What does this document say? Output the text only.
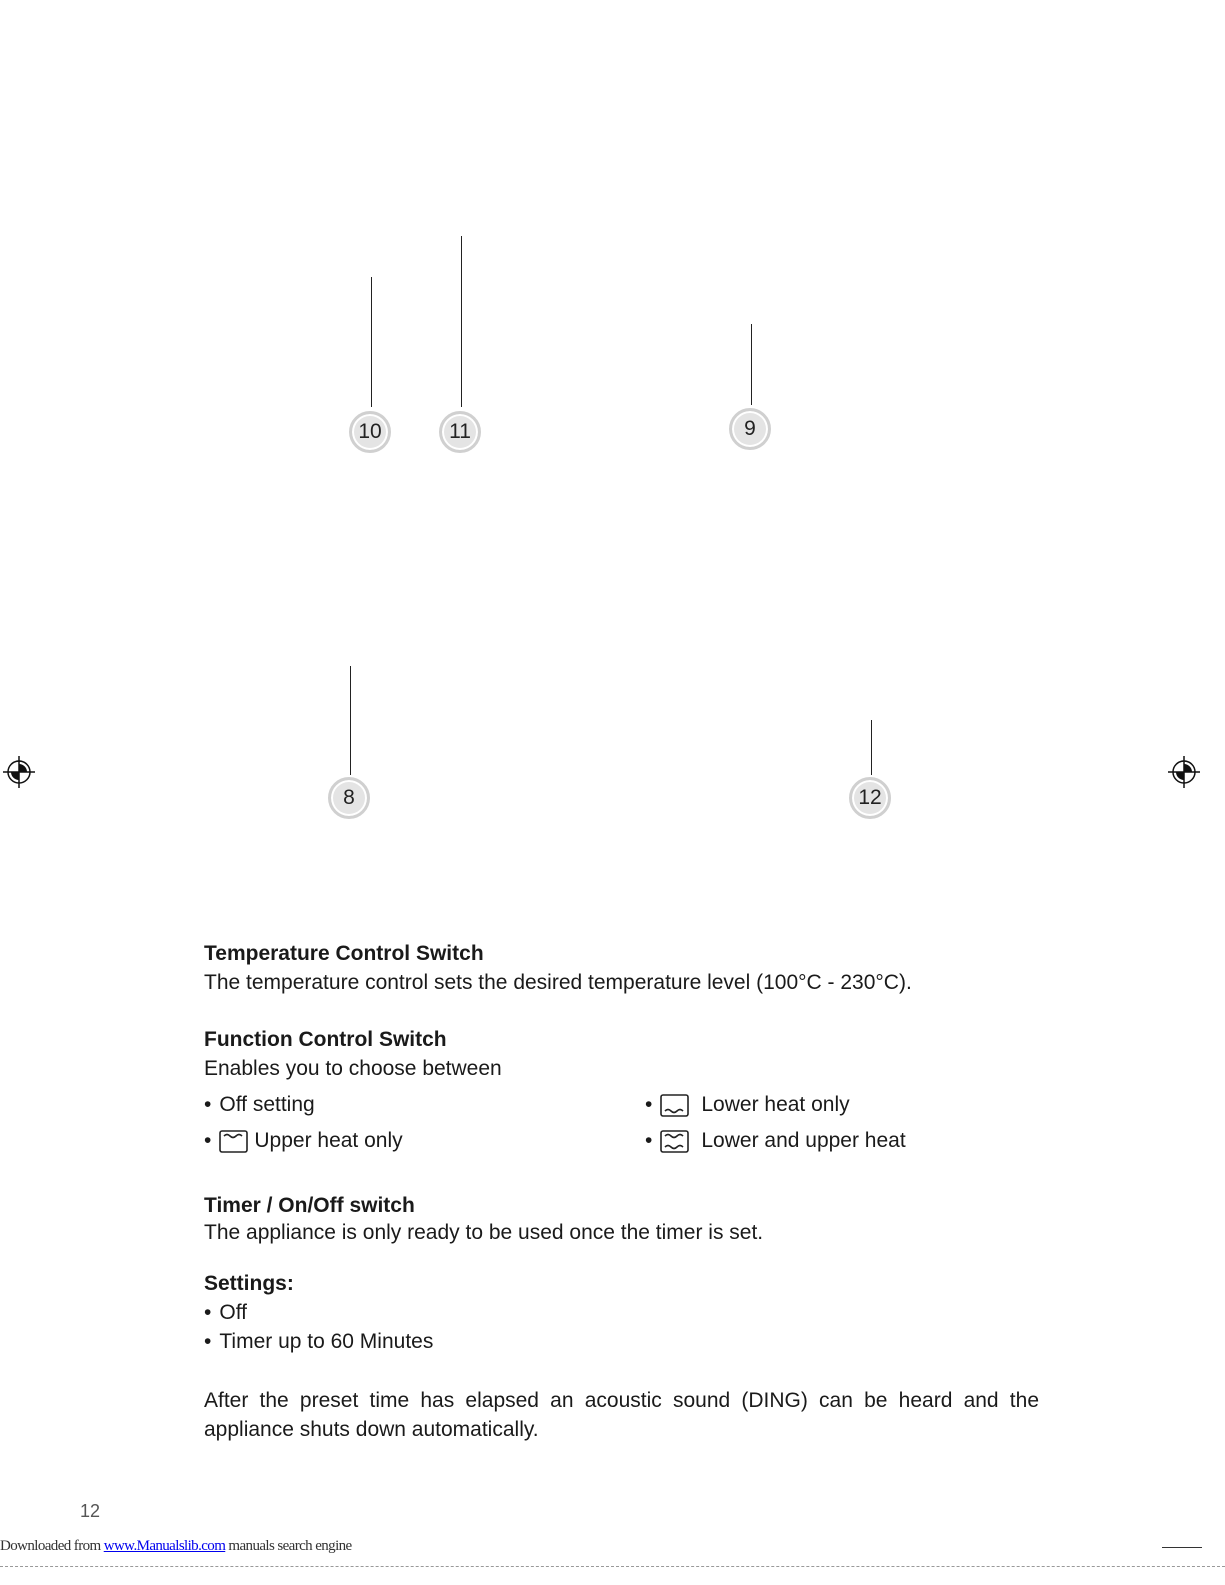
10	11	9
8	12
Temperature Control Switch
The temperature control sets the desired temperature level (100°C - 230°C).
Function Control Switch
Enables you to choose between
• Off setting
• Upper heat only
• Lower heat only
• Lower and upper heat
Timer / On/Off switch
The appliance is only ready to be used once the timer is set.
Settings:
• Off
• Timer up to 60 Minutes
After the preset time has elapsed an acoustic sound (DING) can be heard and the appliance shuts down automatically.
12
Downloaded from www.Manualslib.com manuals search engine
